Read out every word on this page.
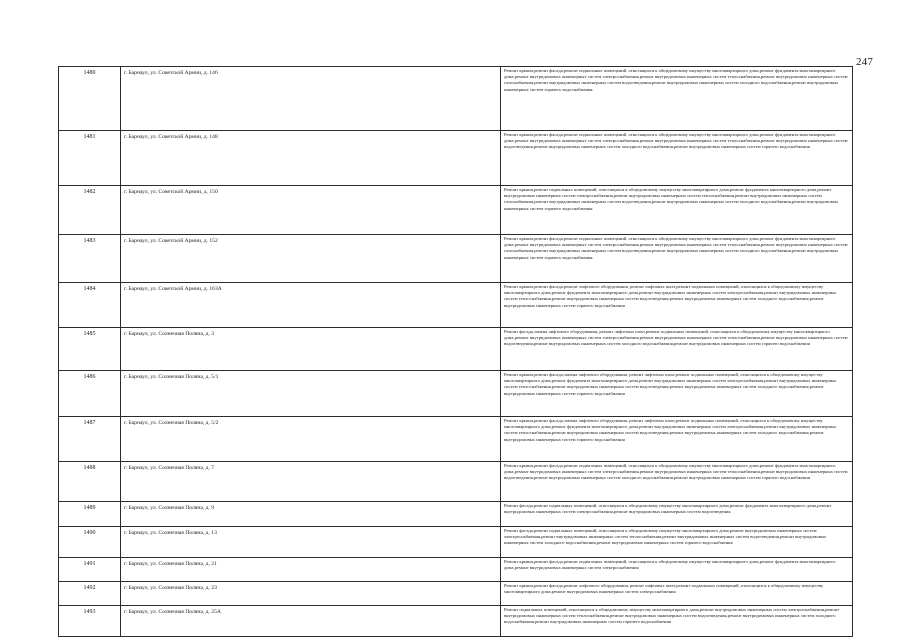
247
1480	г. Барнаул, ул. Советской Армии, д. 146	Ремонт крыши,ремонт фасада,ремонт подвальных помещений, относящихся к общедомовому имуществу многоквартирного дома,ремонт фундамента многоквартирного дома,ремонт внутридомовых инженерных систем электроснабжения,ремонт внутридомовых инженерных систем теплоснабжения,ремонт внутридомовых инженерных систем газоснабжения,ремонт внутридомовых инженерных систем водоотведения,ремонт внутридомовых инженерных систем холодного водоснабжения,ремонт внутридомовых инженерных систем горячего водоснабжения
1481	г. Барнаул, ул. Советской Армии, д. 148	Ремонт крыши,ремонт фасада,ремонт подвальных помещений, относящихся к общедомовому имуществу многоквартирного дома,ремонт фундамента многоквартирного дома,ремонт внутридомовых инженерных систем электроснабжения,ремонт внутридомовых инженерных систем теплоснабжения,ремонт внутридомовых инженерных систем водоотведения,ремонт внутридомовых инженерных систем холодного водоснабжения,ремонт внутридомовых инженерных систем горячего водоснабжения
1482	г. Барнаул, ул. Советской Армии, д. 150	Ремонт крыши,ремонт подвальных помещений, относящихся к общедомовому имуществу многоквартирного дома,ремонт фундамента многоквартирного дома,ремонт внутридомовых инженерных систем электроснабжения,ремонт внутридомовых инженерных систем теплоснабжения,ремонт внутридомовых инженерных систем газоснабжения,ремонт внутридомовых инженерных систем водоотведения,ремонт внутридомовых инженерных систем холодного водоснабжения,ремонт внутридомовых инженерных систем горячего водоснабжения
1483	г. Барнаул, ул. Советской Армии, д. 152	Ремонт крыши,ремонт фасада,ремонт подвальных помещений, относящихся к общедомовому имуществу многоквартирного дома,ремонт фундамента многоквартирного дома,ремонт внутридомовых инженерных систем электроснабжения,ремонт внутридомовых инженерных систем теплоснабжения,ремонт внутридомовых инженерных систем газоснабжения,ремонт внутридомовых инженерных систем водоотведения,ремонт внутридомовых инженерных систем холодного водоснабжения,ремонт внутридомовых инженерных систем горячего водоснабжения
1484	г. Барнаул, ул. Советской Армии, д. 163А	Ремонт крыши,ремонт фасада,ремонт лифтового оборудования, ремонт лифтовых шахт,ремонт подвальных помещений, относящихся к общедомовому имуществу многоквартирного дома,ремонт фундамента многоквартирного дома,ремонт внутридомовых инженерных систем электроснабжения,ремонт внутридомовых инженерных систем теплоснабжения,ремонт внутридомовых инженерных систем водоотведения,ремонт внутридомовых инженерных систем холодного водоснабжения,ремонт внутридомовых инженерных систем горячего водоснабжения
1485	г. Барнаул, ул. Солнечная Поляна, д. 3	Ремонт фасада,замена лифтового оборудования, ремонт лифтовых шахт,ремонт подвальных помещений, относящихся к общедомовому имуществу многоквартирного дома,ремонт внутридомовых инженерных систем электроснабжения,ремонт внутридомовых инженерных систем теплоснабжения,ремонт внутридомовых инженерных систем водоотведения,ремонт внутридомовых инженерных систем холодного водоснабжения,ремонт внутридомовых инженерных систем горячего водоснабжения
1486	г. Барнаул, ул. Солнечная Поляна, д. 5/1	Ремонт крыши,ремонт фасада,замена лифтового оборудования, ремонт лифтовых шахт,ремонт подвальных помещений, относящихся к общедомовому имуществу многоквартирного дома,ремонт фундамента многоквартирного дома,ремонт внутридомовых инженерных систем электроснабжения,ремонт внутридомовых инженерных систем теплоснабжения,ремонт внутридомовых инженерных систем водоотведения,ремонт внутридомовых инженерных систем холодного водоснабжения,ремонт внутридомовых инженерных систем горячего водоснабжения
1487	г. Барнаул, ул. Солнечная Поляна, д. 5/2	Ремонт крыши,ремонт фасада,замена лифтового оборудования, ремонт лифтовых шахт,ремонт подвальных помещений, относящихся к общедомовому имуществу многоквартирного дома,ремонт фундамента многоквартирного дома,ремонт внутридомовых инженерных систем электроснабжения,ремонт внутридомовых инженерных систем теплоснабжения,ремонт внутридомовых инженерных систем водоотведения,ремонт внутридомовых инженерных систем холодного водоснабжения,ремонт внутридомовых инженерных систем горячего водоснабжения
1488	г. Барнаул, ул. Солнечная Поляна, д. 7	Ремонт крыши,ремонт фасада,ремонт подвальных помещений, относящихся к общедомовому имуществу многоквартирного дома,ремонт фундамента многоквартирного дома,ремонт внутридомовых инженерных систем электроснабжения,ремонт внутридомовых инженерных систем теплоснабжения,ремонт внутридомовых инженерных систем водоотведения,ремонт внутридомовых инженерных систем холодного водоснабжения,ремонт внутридомовых инженерных систем горячего водоснабжения
1489	г. Барнаул, ул. Солнечная Поляна, д. 9	Ремонт фасада,ремонт подвальных помещений, относящихся к общедомовому имуществу многоквартирного дома,ремонт фундамента многоквартирного дома,ремонт внутридомовых инженерных систем электроснабжения,ремонт внутридомовых инженерных систем водоотведения
1490	г. Барнаул, ул. Солнечная Поляна, д. 13	Ремонт фасада,ремонт подвальных помещений, относящихся к общедомовому имуществу многоквартирного дома,ремонт внутридомовых инженерных систем электроснабжения,ремонт внутридомовых инженерных систем теплоснабжения,ремонт внутридомовых инженерных систем водоотведения,ремонт внутридомовых инженерных систем холодного водоснабжения,ремонт внутридомовых инженерных систем горячего водоснабжения
1491	г. Барнаул, ул. Солнечная Поляна, д. 21	Ремонт крыши,ремонт фасада,ремонт подвальных помещений, относящихся к общедомовому имуществу многоквартирного дома,ремонт фундамента многоквартирного дома,ремонт внутридомовых инженерных систем электроснабжения
1492	г. Барнаул, ул. Солнечная Поляна, д. 23	Ремонт крыши,ремонт фасада,ремонт лифтового оборудования, ремонт лифтовых шахт,ремонт подвальных помещений, относящихся к общедомовому имуществу многоквартирного дома,ремонт внутридомовых инженерных систем электроснабжения
1493	г. Барнаул, ул. Солнечная Поляна, д. 25А	Ремонт подвальных помещений, относящихся к общедомовому имуществу многоквартирного дома,ремонт внутридомовых инженерных систем электроснабжения,ремонт внутридомовых инженерных систем теплоснабжения,ремонт внутридомовых инженерных систем водоотведения,ремонт внутридомовых инженерных систем холодного водоснабжения,ремонт внутридомовых инженерных систем горячего водоснабжения
